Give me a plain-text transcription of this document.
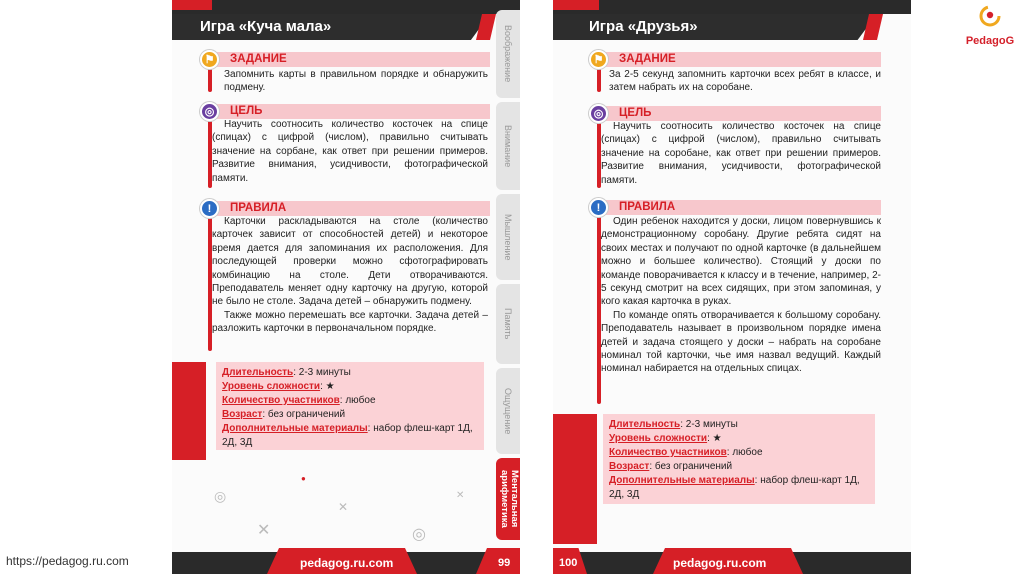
Игра «Куча мала»
ЗАДАНИЕ
⚑
Запомнить карты в правильном порядке и обнаружить подмену.
ЦЕЛЬ
◎

Научить соотносить количество косточек на спице (спицах) с цифрой (числом), правильно считывать значение на сорбане, как ответ при решении примеров. Развитие внимания, усидчивости, фотографической памяти.

ПРАВИЛА
!

Карточки раскладываются на столе (количество карточек зависит от способностей детей) и некоторое время дается для запоминания их расположения. Для последующей проверки можно сфотографировать комбинацию на столе. Дети отворачиваются. Преподаватель меняет одну карточку на другую, которой не было не столе. Задача детей – обнаружить подмену.

Также можно перемешать все карточки. Задача детей – разложить карточки в первоначальном порядке.

Длительность: 2-3 минуты
Уровень сложности: ★
Количество участников: любое
Возраст: без ограничений
Дополнительные материалы: набор флеш-карт 1Д, 2Д, 3Д
◎
●
✕
✕
✕	◎
pedagog.ru.com	99
Воображение
Внимание
Мышление
Память
Ощущение
Ментальная арифметика
Игра «Друзья»
ЗАДАНИЕ
⚑
За 2-5 секунд запомнить карточки всех ребят в классе, и затем набрать их на соробане.
ЦЕЛЬ
◎

Научить соотносить количество косточек на спице (спицах) с цифрой (числом), правильно считывать значение на соробане, как ответ при решении примеров. Развитие внимания, усидчивости, фотографической памяти.

ПРАВИЛА
!

Один ребенок находится у доски, лицом повернувшись к демонстрационному соробану. Другие ребята сидят на своих местах и получают по одной карточке (в дальнейшем можно и большее количество). Стоящий у доски по команде поворачивается к классу и в течение, например, 2-5 секунд смотрит на всех сидящих, при этом запоминая, у кого какая карточка в руках.

По команде опять отворачивается к большому соробану. Преподаватель называет в произвольном порядке имена детей и задача стоящего у доски – набрать на соробане номинал той карточки, чье имя назвал ведущий. Каждый номинал набирается на отдельных спицах.

Длительность: 2-3 минуты
Уровень сложности: ★
Количество участников: любое
Возраст: без ограничений
Дополнительные материалы: набор флеш-карт 1Д, 2Д, 3Д
100	pedagog.ru.com
PedagoG
https://pedagog.ru.com
